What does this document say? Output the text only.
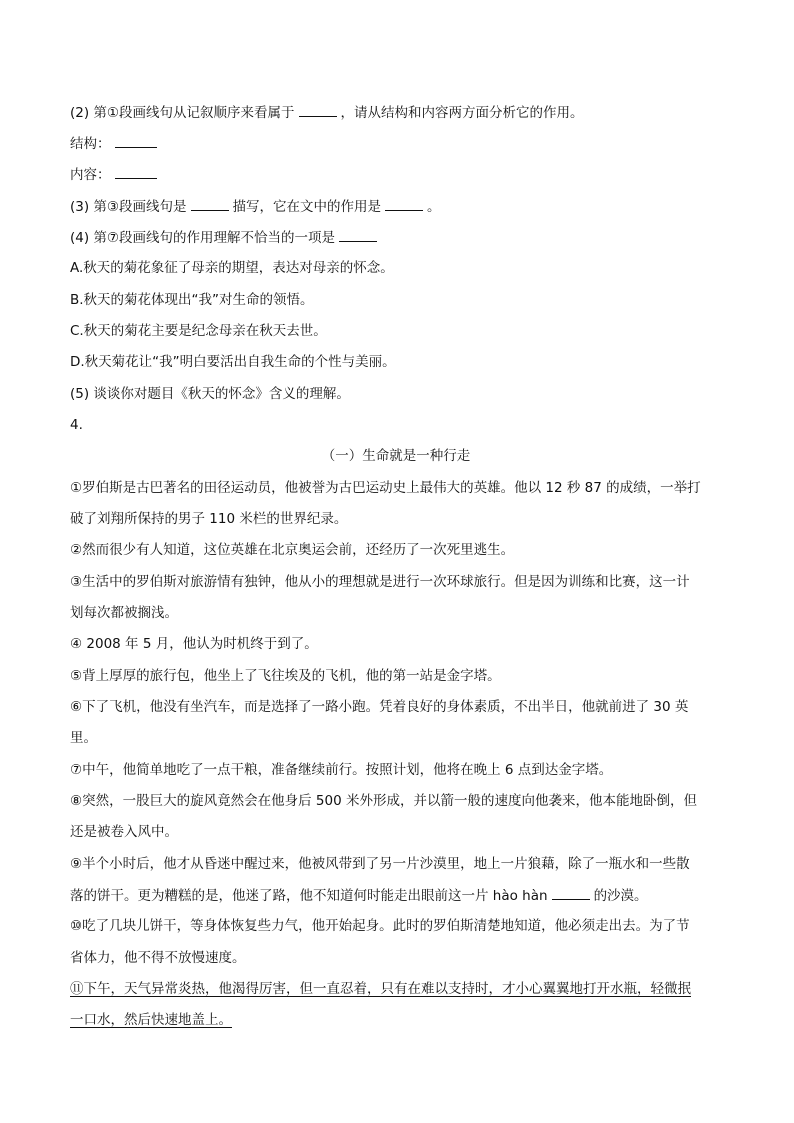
(2) 第①段画线句从记叙顺序来看属于	，请从结构和内容两方面分析它的作用。
结构：
内容：
(3) 第③段画线句是	描写，它在文中的作用是	。
(4) 第⑦段画线句的作用理解不恰当的一项是
A.秋天的菊花象征了母亲的期望，表达对母亲的怀念。
B.秋天的菊花体现出“我”对生命的领悟。
C.秋天的菊花主要是纪念母亲在秋天去世。
D.秋天菊花让“我”明白要活出自我生命的个性与美丽。
(5) 谈谈你对题目《秋天的怀念》含义的理解。
4.
（一）生命就是一种行走
①罗伯斯是古巴著名的田径运动员，他被誉为古巴运动史上最伟大的英雄。他以 12 秒 87 的成绩，一举打
破了刘翔所保持的男子 110 米栏的世界纪录。
②然而很少有人知道，这位英雄在北京奥运会前，还经历了一次死里逃生。
③生活中的罗伯斯对旅游情有独钟，他从小的理想就是进行一次环球旅行。但是因为训练和比赛，这一计
划每次都被搁浅。
④ 2008 年 5 月，他认为时机终于到了。
⑤背上厚厚的旅行包，他坐上了飞往埃及的飞机，他的第一站是金字塔。
⑥下了飞机，他没有坐汽车，而是选择了一路小跑。凭着良好的身体素质，不出半日，他就前进了 30 英
里。
⑦中午，他简单地吃了一点干粮，准备继续前行。按照计划，他将在晚上 6 点到达金字塔。
⑧突然，一股巨大的旋风竟然会在他身后 500 米外形成，并以箭一般的速度向他袭来，他本能地卧倒，但
还是被卷入风中。
⑨半个小时后，他才从昏迷中醒过来，他被风带到了另一片沙漠里，地上一片狼藉，除了一瓶水和一些散
落的饼干。更为糟糕的是，他迷了路，他不知道何时能走出眼前这一片 hào hàn	的沙漠。
⑩吃了几块儿饼干，等身体恢复些力气，他开始起身。此时的罗伯斯清楚地知道，他必须走出去。为了节
省体力，他不得不放慢速度。
⑪下午，天气异常炎热，他渴得厉害，但一直忍着，只有在难以支持时，才小心翼翼地打开水瓶，轻微抿
一口水，然后快速地盖上。
